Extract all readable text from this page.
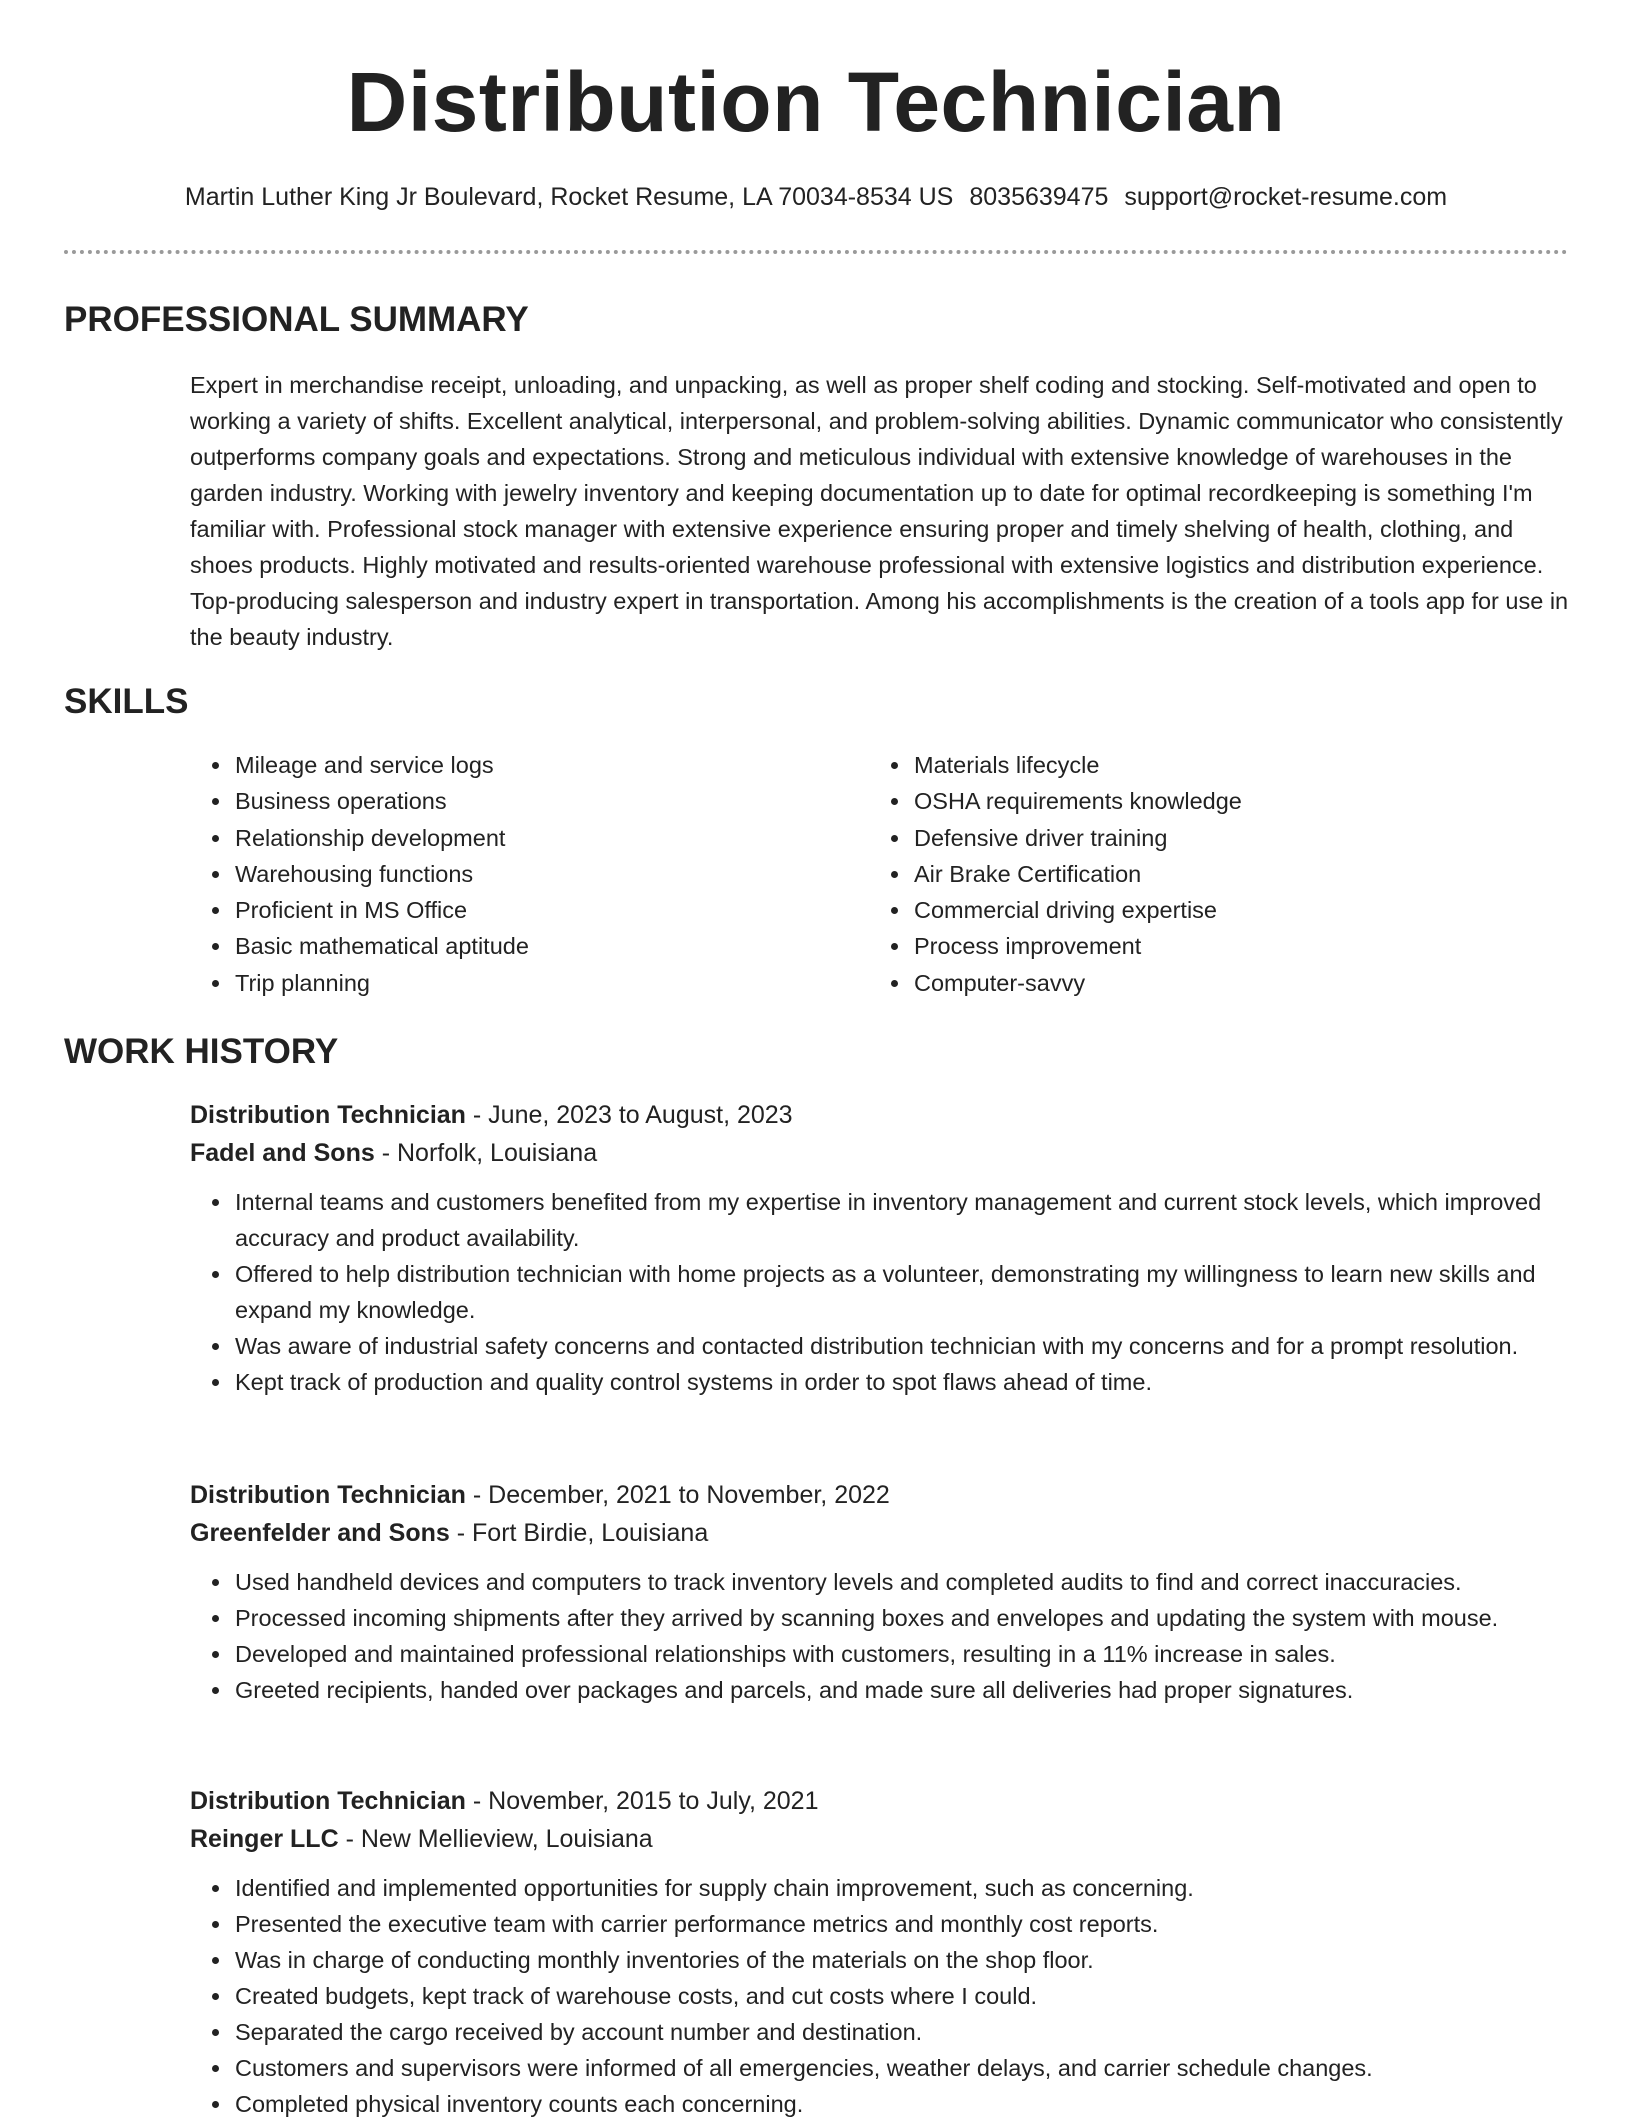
Distribution Technician
Martin Luther King Jr Boulevard, Rocket Resume, LA 70034-8534 US 8035639475 support@rocket-resume.com
PROFESSIONAL SUMMARY

Expert in merchandise receipt, unloading, and unpacking, as well as proper shelf coding and stocking. Self-motivated and open to working a variety of shifts. Excellent analytical, interpersonal, and problem-solving abilities. Dynamic communicator who consistently outperforms company goals and expectations. Strong and meticulous individual with extensive knowledge of warehouses in the garden industry. Working with jewelry inventory and keeping documentation up to date for optimal recordkeeping is something I'm familiar with. Professional stock manager with extensive experience ensuring proper and timely shelving of health, clothing, and shoes products. Highly motivated and results-oriented warehouse professional with extensive logistics and distribution experience. Top-producing salesperson and industry expert in transportation. Among his accomplishments is the creation of a tools app for use in the beauty industry.

SKILLS
• Mileage and service logs
• Business operations
• Relationship development
• Warehousing functions
• Proficient in MS Office
• Basic mathematical aptitude
• Trip planning
• Materials lifecycle
• OSHA requirements knowledge
• Defensive driver training
• Air Brake Certification
• Commercial driving expertise
• Process improvement
• Computer-savvy
WORK HISTORY
Distribution Technician - June, 2023 to August, 2023
Fadel and Sons - Norfolk, Louisiana
• Internal teams and customers benefited from my expertise in inventory management and current stock levels, which improved accuracy and product availability.
• Offered to help distribution technician with home projects as a volunteer, demonstrating my willingness to learn new skills and expand my knowledge.
• Was aware of industrial safety concerns and contacted distribution technician with my concerns and for a prompt resolution.
• Kept track of production and quality control systems in order to spot flaws ahead of time.
Distribution Technician - December, 2021 to November, 2022
Greenfelder and Sons - Fort Birdie, Louisiana
• Used handheld devices and computers to track inventory levels and completed audits to find and correct inaccuracies.
• Processed incoming shipments after they arrived by scanning boxes and envelopes and updating the system with mouse.
• Developed and maintained professional relationships with customers, resulting in a 11% increase in sales.
• Greeted recipients, handed over packages and parcels, and made sure all deliveries had proper signatures.
Distribution Technician - November, 2015 to July, 2021
Reinger LLC - New Mellieview, Louisiana
• Identified and implemented opportunities for supply chain improvement, such as concerning.
• Presented the executive team with carrier performance metrics and monthly cost reports.
• Was in charge of conducting monthly inventories of the materials on the shop floor.
• Created budgets, kept track of warehouse costs, and cut costs where I could.
• Separated the cargo received by account number and destination.
• Customers and supervisors were informed of all emergencies, weather delays, and carrier schedule changes.
• Completed physical inventory counts each concerning.
